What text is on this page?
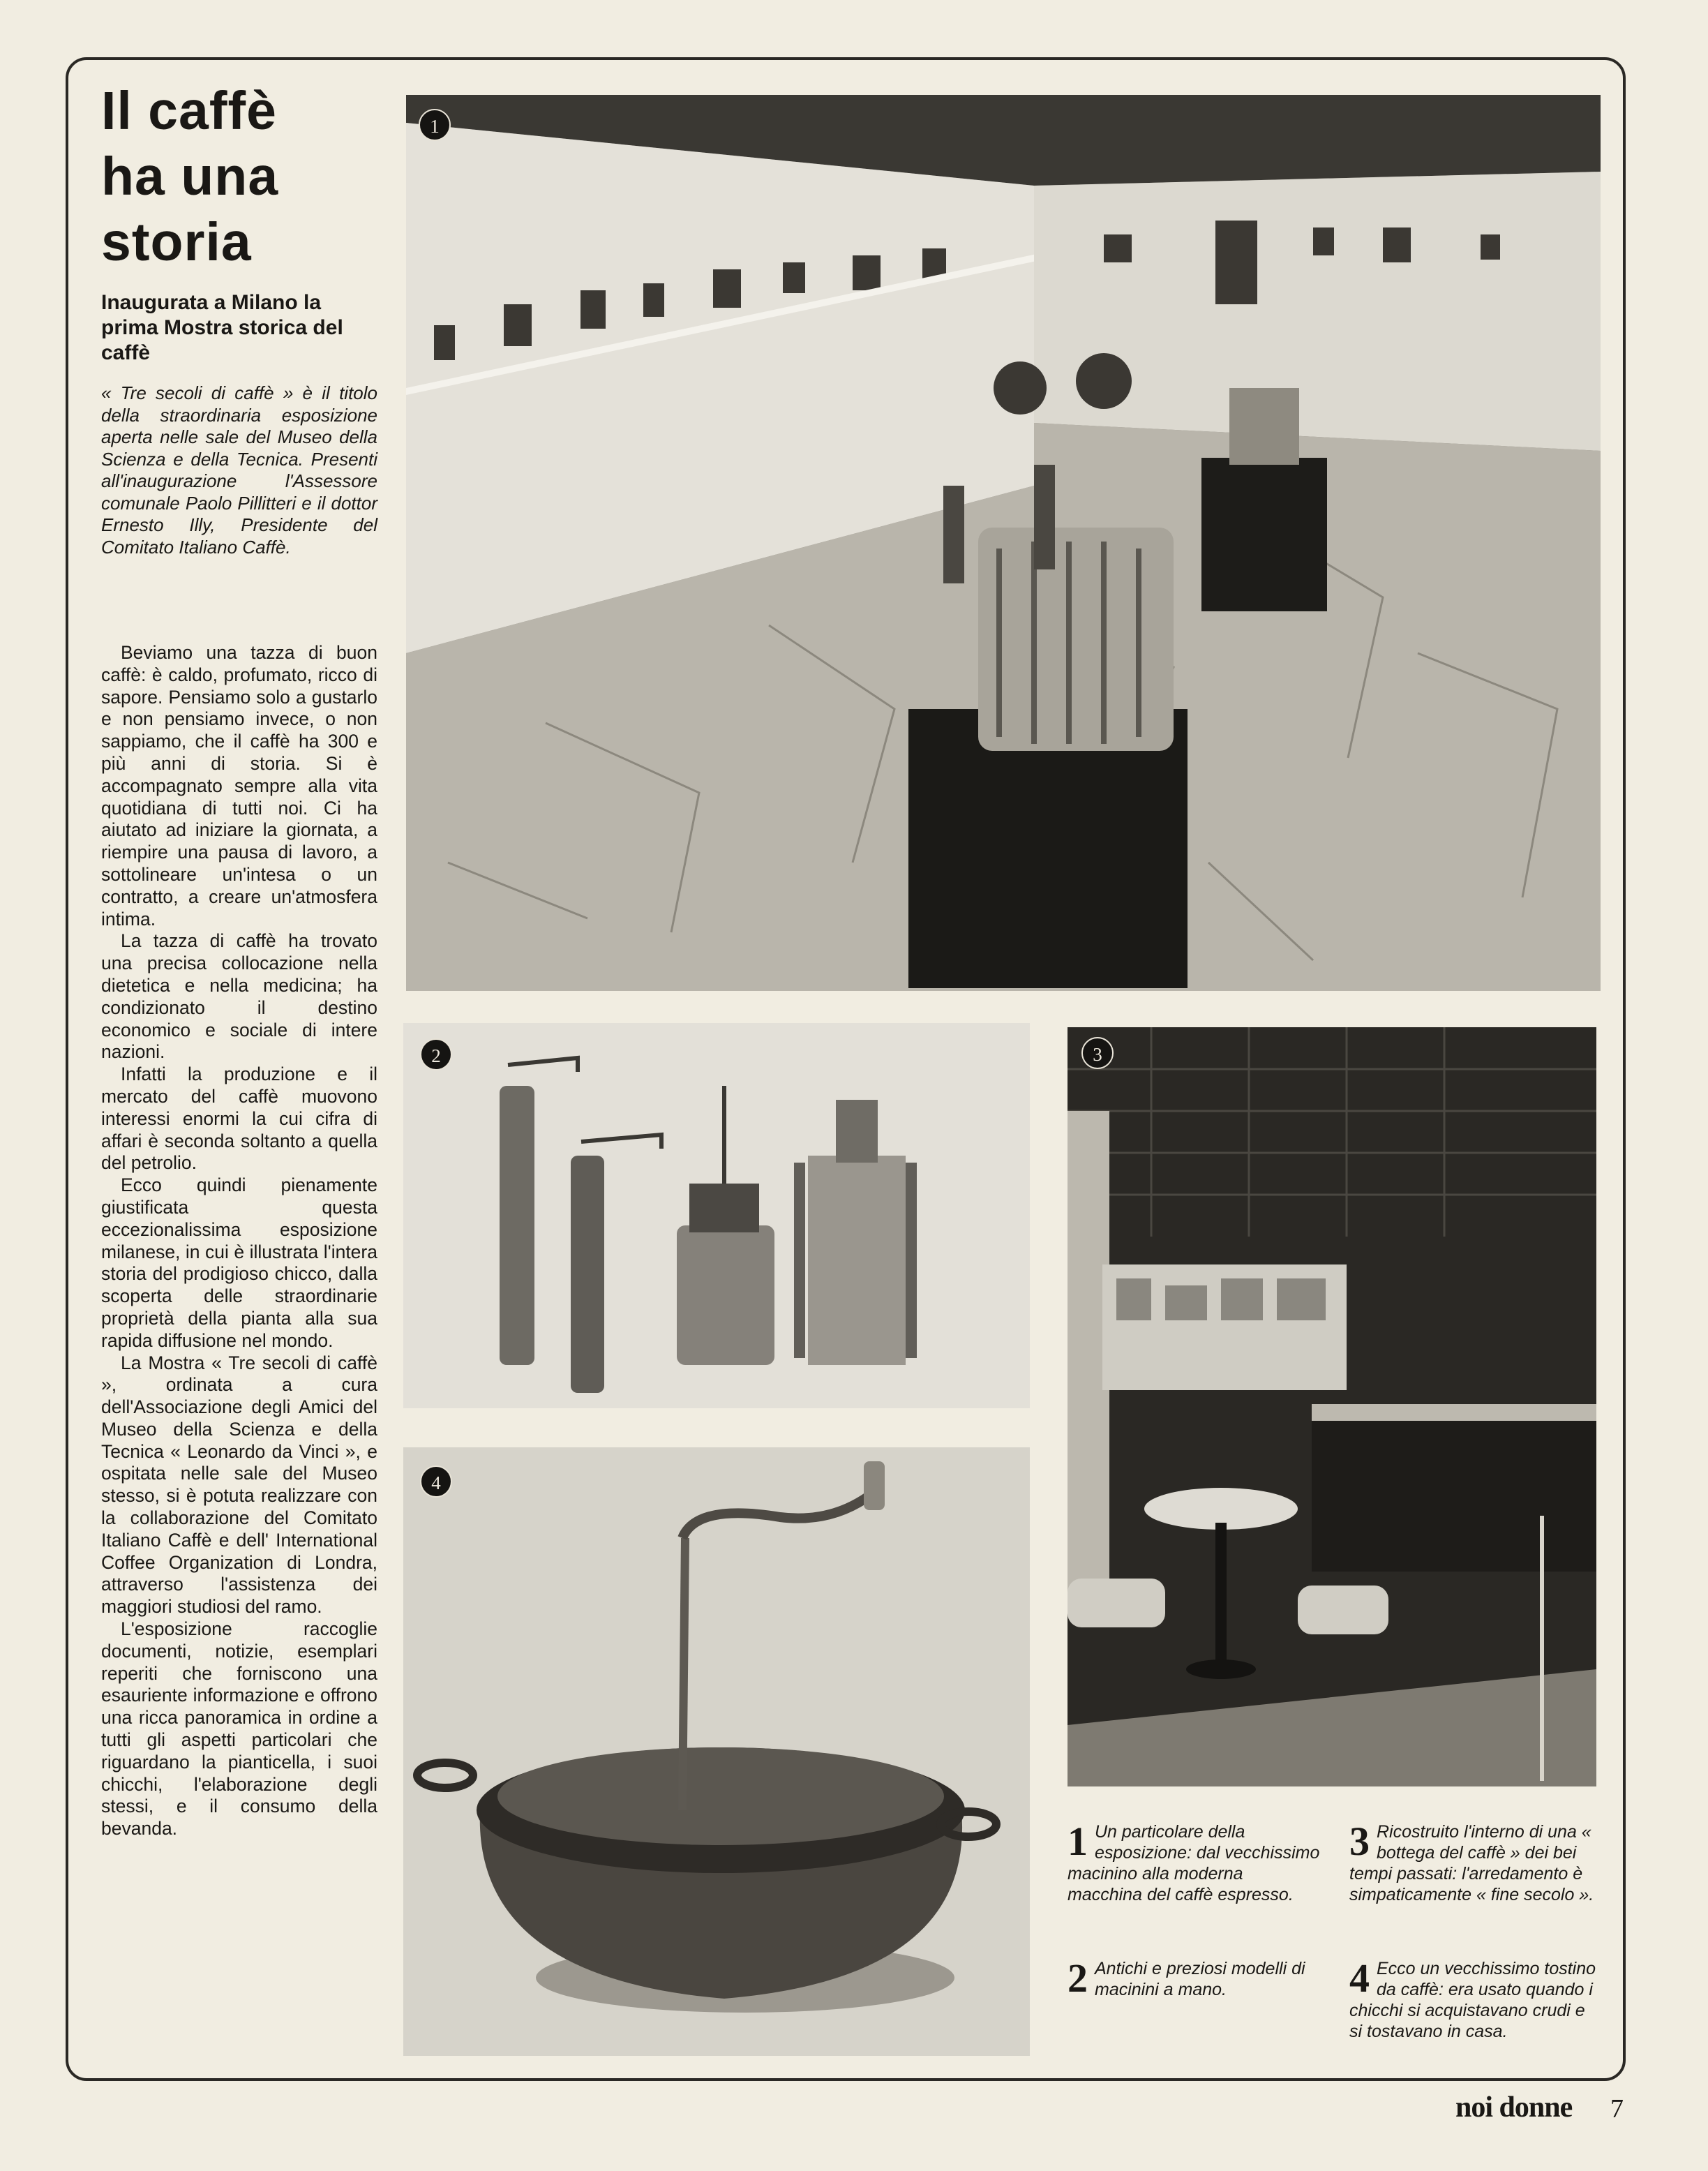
Il caffè
ha una
storia

Inaugurata a Milano la prima Mostra storica del caffè

« Tre secoli di caffè » è il titolo della straordinaria esposizione aperta nelle sale del Museo della Scienza e della Tecnica. Presenti all'inaugurazione l'Assessore comunale Paolo Pillitteri e il dottor Ernesto Illy, Presidente del Comitato Italiano Caffè.

Beviamo una tazza di buon caffè: è caldo, profumato, ricco di sapore. Pensiamo solo a gustarlo e non pensiamo invece, o non sappiamo, che il caffè ha 300 e più anni di storia. Si è accompagnato sempre alla vita quotidiana di tutti noi. Ci ha aiutato ad iniziare la giornata, a riempire una pausa di lavoro, a sottolineare un'intesa o un contratto, a creare un'atmosfera intima.

La tazza di caffè ha trovato una precisa collocazione nella dietetica e nella medicina; ha condizionato il destino economico e sociale di intere nazioni.

Infatti la produzione e il mercato del caffè muovono interessi enormi la cui cifra di affari è seconda soltanto a quella del petrolio.

Ecco quindi pienamente giustificata questa eccezionalissima esposizione milanese, in cui è illustrata l'intera storia del prodigioso chicco, dalla scoperta delle straordinarie proprietà della pianta alla sua rapida diffusione nel mondo.

La Mostra « Tre secoli di caffè », ordinata a cura dell'Associazione degli Amici del Museo della Scienza e della Tecnica « Leonardo da Vinci », e ospitata nelle sale del Museo stesso, si è potuta realizzare con la collaborazione del Comitato Italiano Caffè e dell' International Coffee Organization di Londra, attraverso l'assistenza dei maggiori studiosi del ramo.

L'esposizione raccoglie documenti, notizie, esemplari reperiti che forniscono una esauriente informazione e offrono una ricca panoramica in ordine a tutti gli aspetti particolari che riguardano la pianticella, i suoi chicchi, l'elaborazione degli stessi, e il consumo della bevanda.

1
2	3
4

1 Un particolare della esposizione: dal vecchissimo macinino alla moderna macchina del caffè espresso.

2 Antichi e preziosi modelli di macinini a mano.

3 Ricostruito l'interno di una « bottega del caffè » dei bei tempi passati: l'arredamento è simpaticamente « fine secolo ».

4 Ecco un vecchissimo tostino da caffè: era usato quando i chicchi si acquistavano crudi e si tostavano in casa.

noi donne 7
